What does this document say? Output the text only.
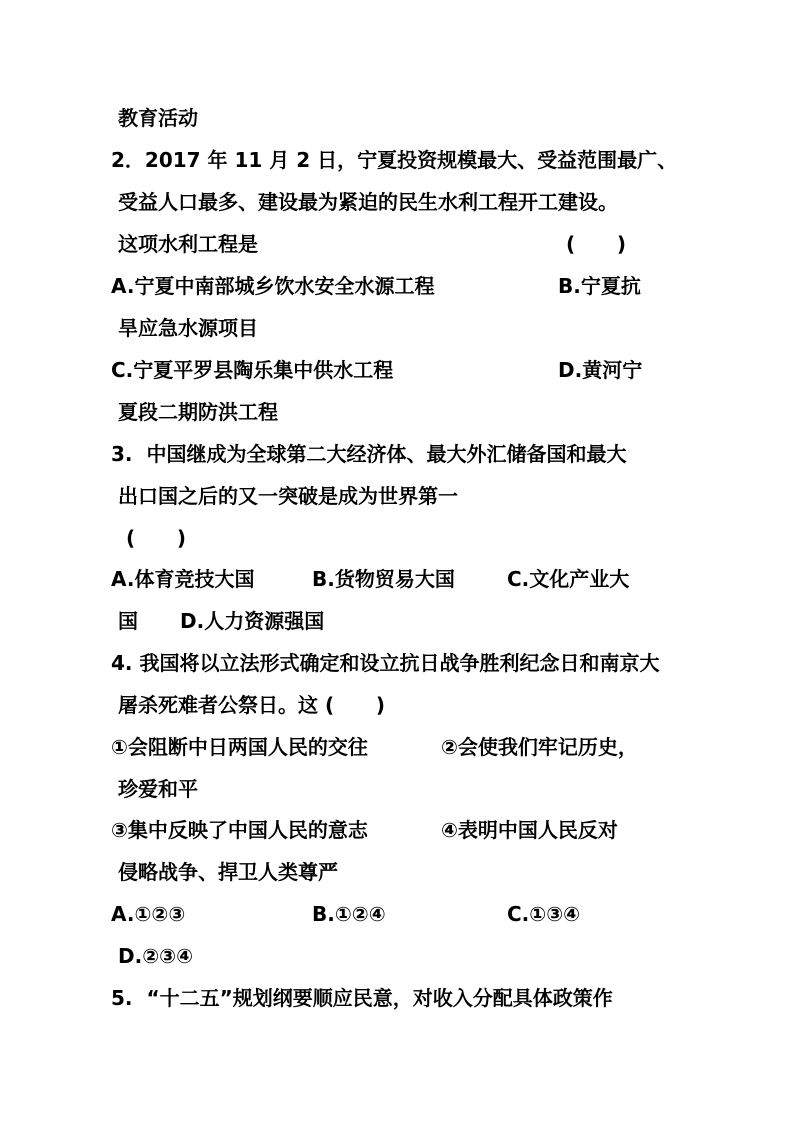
教育活动
2．2017 年 11 月 2 日，宁夏投资规模最大、受益范围最广、
受益人口最多、建设最为紧迫的民生水利工程开工建设。
这项水利工程是	(      )
A.宁夏中南部城乡饮水安全水源工程	B.宁夏抗
旱应急水源项目
C.宁夏平罗县陶乐集中供水工程	D.黄河宁
夏段二期防洪工程
3.  中国继成为全球第二大经济体、最大外汇储备国和最大
出口国之后的又一突破是成为世界第一
(      )
A.体育竞技大国	B.货物贸易大国	C.文化产业大
国 D.人力资源强国
4. 我国将以立法形式确定和设立抗日战争胜利纪念日和南京大
屠杀死难者公祭日。这 (      )
①会阻断中日两国人民的交往	②会使我们牢记历史，
珍爱和平
③集中反映了中国人民的意志	④表明中国人民反对
侵略战争、捍卫人类尊严
A.①②③	B.①②④	C.①③④
D.②③④
5.  “十二五”规划纲要顺应民意，对收入分配具体政策作
